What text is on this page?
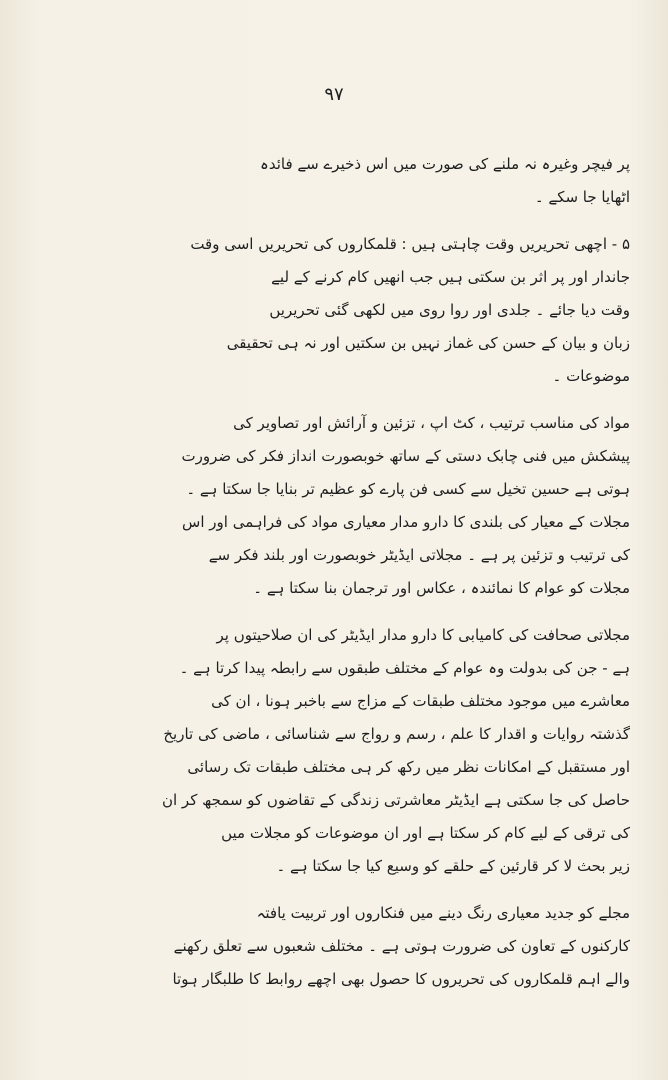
۹۷

پر فیچر وغیرہ نہ ملنے کی صورت میں اس ذخیرے سے فائدہ
اٹھایا جا سکے ۔

۵ - اچھی تحریریں وقت چاہتی ہیں : قلمکاروں کی تحریریں اسی وقت
جاندار اور پر اثر بن سکتی ہیں جب انھیں کام کرنے کے لیے
وقت دیا جائے ۔ جلدی اور روا روی میں لکھی گئی تحریریں
زبان و بیان کے حسن کی غماز نہیں بن سکتیں اور نہ ہی تحقیقی
موضوعات ۔

مواد کی مناسب ترتیب ، کٹ اپ ، تزئین و آرائش اور تصاویر کی
پیشکش میں فنی چابک دستی کے ساتھ خوبصورت انداز فکر کی ضرورت
ہوتی ہے حسین تخیل سے کسی فن پارے کو عظیم تر بنایا جا سکتا ہے ۔
مجلات کے معیار کی بلندی کا دارو مدار معیاری مواد کی فراہمی اور اس
کی ترتیب و تزئین پر ہے ۔ مجلاتی ایڈیٹر خوبصورت اور بلند فکر سے
مجلات کو عوام کا نمائندہ ، عکاس اور ترجمان بنا سکتا ہے ۔

مجلاتی صحافت کی کامیابی کا دارو مدار ایڈیٹر کی ان صلاحیتوں پر
ہے - جن کی بدولت وہ عوام کے مختلف طبقوں سے رابطہ پیدا کرتا ہے ۔
معاشرے میں موجود مختلف طبقات کے مزاج سے باخبر ہونا ، ان کی
گذشتہ روایات و اقدار کا علم ، رسم و رواج سے شناسائی ، ماضی کی تاریخ
اور مستقبل کے امکانات نظر میں رکھ کر ہی مختلف طبقات تک رسائی
حاصل کی جا سکتی ہے ایڈیٹر معاشرتی زندگی کے تقاضوں کو سمجھ کر ان
کی ترقی کے لیے کام کر سکتا ہے اور ان موضوعات کو مجلات میں
زیر بحث لا کر قارئین کے حلقے کو وسیع کیا جا سکتا ہے ۔

مجلے کو جدید معیاری رنگ دینے میں فنکاروں اور تربیت یافتہ
کارکنوں کے تعاون کی ضرورت ہوتی ہے ۔ مختلف شعبوں سے تعلق رکھنے
والے اہم قلمکاروں کی تحریروں کا حصول بھی اچھے روابط کا طلبگار ہوتا
